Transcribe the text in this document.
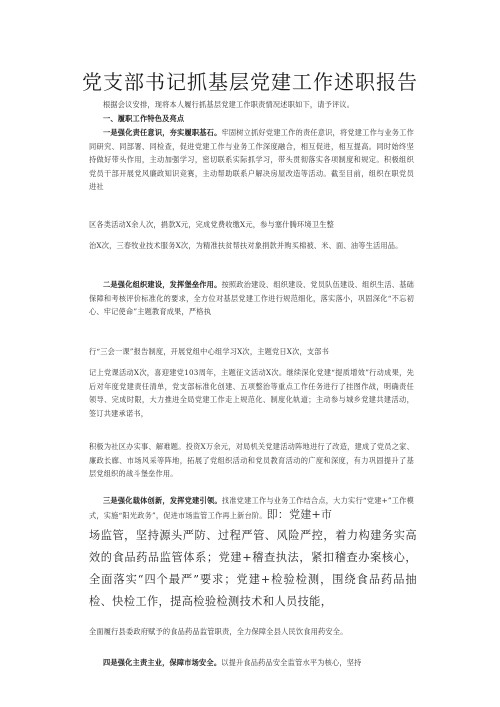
党支部书记抓基层党建工作述职报告

根据会议安排，现将本人履行抓基层党建工作职责情况述职如下，请予评议。

一、履职工作特色及亮点

一是强化责任意识，夯实履职基石。牢固树立抓好党建工作的责任意识，将党建工作与业务工作同研究、同部署、同检查，促进党建工作与业务工作深度融合，相互促进，相互提高。同时始终坚持做好带头作用，主动加强学习，密切联系实际抓学习，带头贯彻落实各项制度和规定。积极组织党员干部开展党风廉政知识竞赛，主动帮助联系户解决房屋改造等活动。截至目前，组织在职党员进社

区各类活动X余人次，捐款X元，完成党费收缴X元，参与塞什腾环境卫生整

治X次，三春牧业技术服务X次，为精准扶贫帮扶对象捐款并购买棉被、米、面、油等生活用品。

二是强化组织建设，发挥堡垒作用。按照政治建设、组织建设、党员队伍建设、组织生活、基础保障和考核评价标准化的要求，全方位对基层党建工作进行规范细化，落实落小，巩固深化“不忘初心、牢记使命”主题教育成果，严格执

行“三会一课”报告制度，开展党组中心组学习X次，主题党日X次，支部书

记上党课活动X次，喜迎建党103周年，主题征文活动X次。继续深化党建“提质增效”行动成果，先后对年度党建责任清单，党支部标准化创建、五项整治等重点工作任务进行了挂图作战，明确责任领导、完成时限，大力推进全局党建工作走上规范化、制度化轨道；主动参与城乡党建共建活动，签订共建承诺书，

积极为社区办实事、解难题。投资X万余元，对局机关党建活动阵地进行了改造，建成了党员之家、廉政长廊、市场风采等阵地，拓展了党组织活动和党员教育活动的广度和深度，有力巩固提升了基层党组织的战斗堡垒作用。

三是强化载体创新，发挥党建引领。找准党建工作与业务工作结合点，大力实行“党建+”工作模式，实施“阳光政务”，促进市场监管工作再上新台阶。即：党建+市

场监管，坚持源头严防、过程严管、风险严控，着力构建务实高效的食品药品监管体系；党建+稽查执法，紧扣稽查办案核心，全面落实“四个最严”要求；党建+检验检测，围绕食品药品抽检、快检工作，提高检验检测技术和人员技能，

全面履行县委政府赋予的食品药品监管职责，全力保障全县人民饮食用药安全。

四是强化主责主业，保障市场安全。以提升食品药品安全监管水平为核心，坚持
